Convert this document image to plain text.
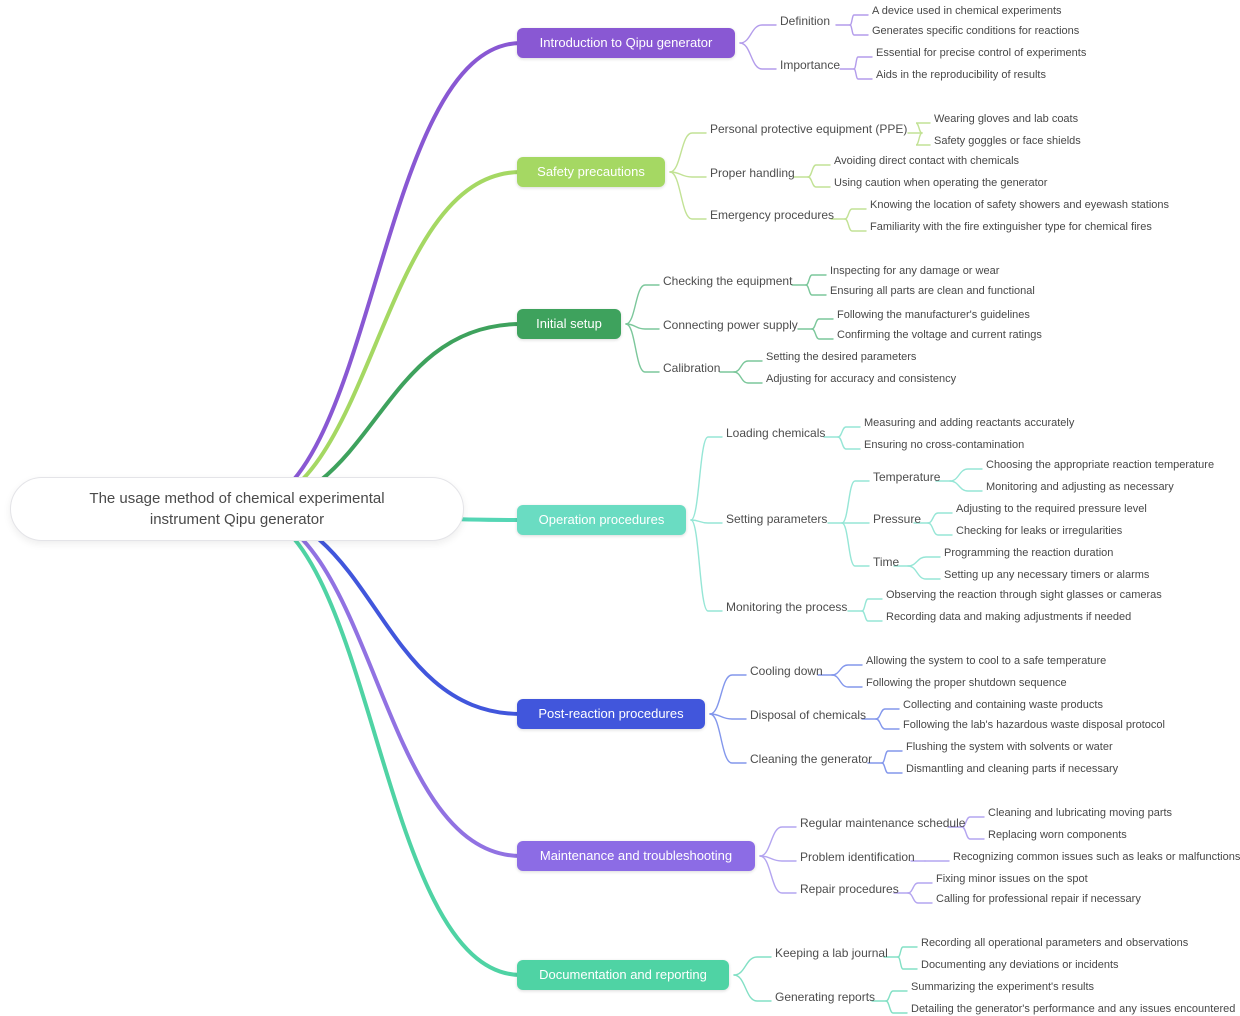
The usage method of chemical experimental instrument Qipu generator
Introduction to Qipu generator
Definition
A device used in chemical experiments
Generates specific conditions for reactions
Importance
Essential for precise control of experiments
Aids in the reproducibility of results
Safety precautions
Personal protective equipment (PPE)
Wearing gloves and lab coats
Safety goggles or face shields
Proper handling
Avoiding direct contact with chemicals
Using caution when operating the generator
Emergency procedures
Knowing the location of safety showers and eyewash stations
Familiarity with the fire extinguisher type for chemical fires
Initial setup
Checking the equipment
Inspecting for any damage or wear
Ensuring all parts are clean and functional
Connecting power supply
Following the manufacturer's guidelines
Confirming the voltage and current ratings
Calibration
Setting the desired parameters
Adjusting for accuracy and consistency
Operation procedures
Loading chemicals
Measuring and adding reactants accurately
Ensuring no cross-contamination
Setting parameters
Temperature
Choosing the appropriate reaction temperature
Monitoring and adjusting as necessary
Pressure
Adjusting to the required pressure level
Checking for leaks or irregularities
Time
Programming the reaction duration
Setting up any necessary timers or alarms
Monitoring the process
Observing the reaction through sight glasses or cameras
Recording data and making adjustments if needed
Post-reaction procedures
Cooling down
Allowing the system to cool to a safe temperature
Following the proper shutdown sequence
Disposal of chemicals
Collecting and containing waste products
Following the lab's hazardous waste disposal protocol
Cleaning the generator
Flushing the system with solvents or water
Dismantling and cleaning parts if necessary
Maintenance and troubleshooting
Regular maintenance schedule
Cleaning and lubricating moving parts
Replacing worn components
Problem identification	Recognizing common issues such as leaks or malfunctions
Repair procedures
Fixing minor issues on the spot
Calling for professional repair if necessary
Documentation and reporting
Keeping a lab journal
Recording all operational parameters and observations
Documenting any deviations or incidents
Generating reports
Summarizing the experiment's results
Detailing the generator's performance and any issues encountered
